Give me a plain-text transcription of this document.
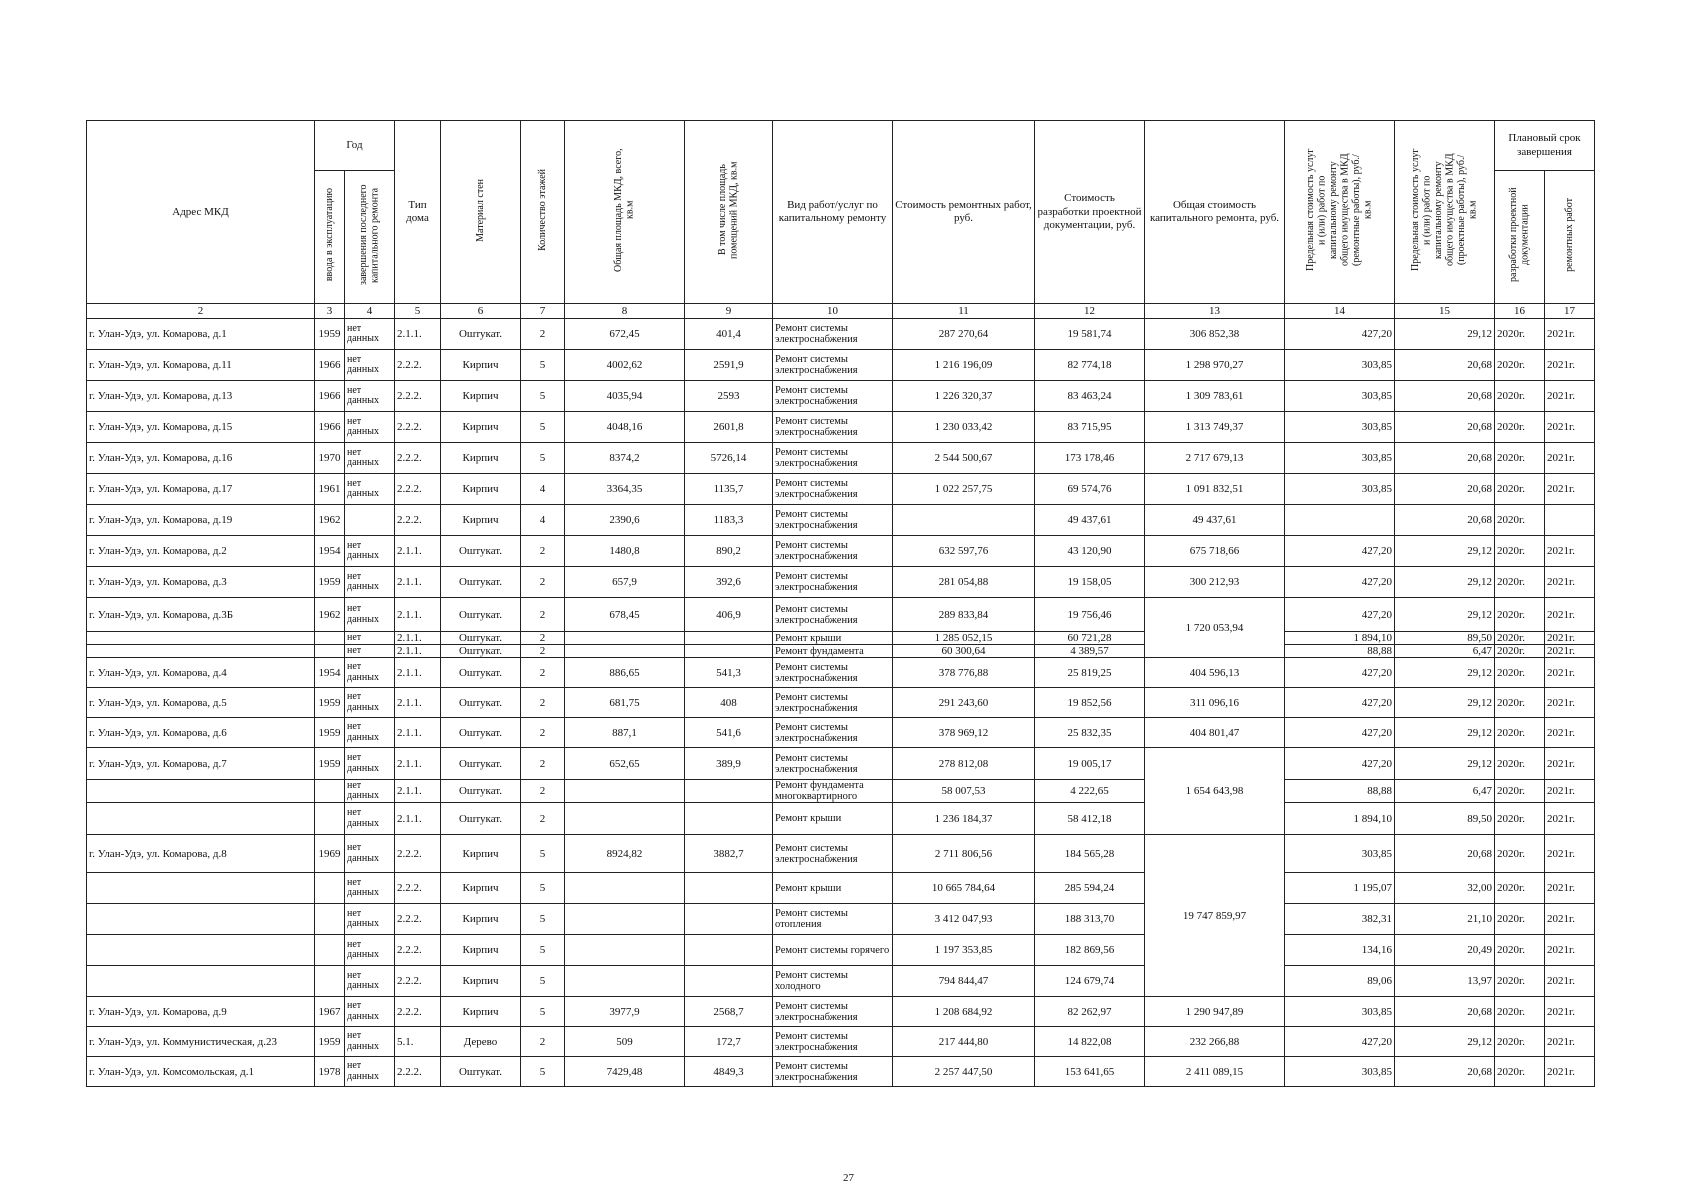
Адрес МКД	Год		Тип дома	Материал стен	Количество этажей	Общая площадь МКД, всего, кв.м	В том числе площадь помещений МКД, кв.м	Вид работ/услуг по капитальному ремонту	Стоимость ремонтных работ, руб.	Стоимость разработки проектной документации, руб.	Общая стоимость капитального ремонта, руб.	Предельная стоимость услуг и (или) работ по капитальному ремонту общего имущества в МКД (ремонтные работы), руб./кв.м	Предельная стоимость услуг и (или) работ по капитальному ремонту общего имущества в МКД (проектные работы), руб./кв.м	Плановый срок завершения	
	ввода в эксплуатацию	завершения последнего капитального ремонта												разработки проектной документации	ремонтных работ
2	3	4	5	6	7	8	9	10	11	12	13	14	15	16	17
г. Улан-Удэ, ул. Комарова, д.1	1959	нет данных	2.1.1.	Оштукат.	2	672,45	401,4	Ремонт системы электроснабжения	287 270,64	19 581,74	306 852,38	427,20	29,12	2020г.	2021г.
г. Улан-Удэ, ул. Комарова, д.11	1966	нет данных	2.2.2.	Кирпич	5	4002,62	2591,9	Ремонт системы электроснабжения	1 216 196,09	82 774,18	1 298 970,27	303,85	20,68	2020г.	2021г.
г. Улан-Удэ, ул. Комарова, д.13	1966	нет данных	2.2.2.	Кирпич	5	4035,94	2593	Ремонт системы электроснабжения	1 226 320,37	83 463,24	1 309 783,61	303,85	20,68	2020г.	2021г.
г. Улан-Удэ, ул. Комарова, д.15	1966	нет данных	2.2.2.	Кирпич	5	4048,16	2601,8	Ремонт системы электроснабжения	1 230 033,42	83 715,95	1 313 749,37	303,85	20,68	2020г.	2021г.
г. Улан-Удэ, ул. Комарова, д.16	1970	нет данных	2.2.2.	Кирпич	5	8374,2	5726,14	Ремонт системы электроснабжения	2 544 500,67	173 178,46	2 717 679,13	303,85	20,68	2020г.	2021г.
г. Улан-Удэ, ул. Комарова, д.17	1961	нет данных	2.2.2.	Кирпич	4	3364,35	1135,7	Ремонт системы электроснабжения	1 022 257,75	69 574,76	1 091 832,51	303,85	20,68	2020г.	2021г.
г. Улан-Удэ, ул. Комарова, д.19	1962		2.2.2.	Кирпич	4	2390,6	1183,3	Ремонт системы электроснабжения		49 437,61	49 437,61		20,68	2020г.	
г. Улан-Удэ, ул. Комарова, д.2	1954	нет данных	2.1.1.	Оштукат.	2	1480,8	890,2	Ремонт системы электроснабжения	632 597,76	43 120,90	675 718,66	427,20	29,12	2020г.	2021г.
г. Улан-Удэ, ул. Комарова, д.3	1959	нет данных	2.1.1.	Оштукат.	2	657,9	392,6	Ремонт системы электроснабжения	281 054,88	19 158,05	300 212,93	427,20	29,12	2020г.	2021г.
г. Улан-Удэ, ул. Комарова, д.3Б	1962	нет данных	2.1.1.	Оштукат.	2	678,45	406,9	Ремонт системы электроснабжения	289 833,84	19 756,46	1 720 053,94	427,20	29,12	2020г.	2021г.
		нет	2.1.1.	Оштукат.	2			Ремонт крыши	1 285 052,15	60 721,28		1 894,10	89,50	2020г.	2021г.
		нет	2.1.1.	Оштукат.	2			Ремонт фундамента	60 300,64	4 389,57		88,88	6,47	2020г.	2021г.
г. Улан-Удэ, ул. Комарова, д.4	1954	нет данных	2.1.1.	Оштукат.	2	886,65	541,3	Ремонт системы электроснабжения	378 776,88	25 819,25	404 596,13	427,20	29,12	2020г.	2021г.
г. Улан-Удэ, ул. Комарова, д.5	1959	нет данных	2.1.1.	Оштукат.	2	681,75	408	Ремонт системы электроснабжения	291 243,60	19 852,56	311 096,16	427,20	29,12	2020г.	2021г.
г. Улан-Удэ, ул. Комарова, д.6	1959	нет данных	2.1.1.	Оштукат.	2	887,1	541,6	Ремонт системы электроснабжения	378 969,12	25 832,35	404 801,47	427,20	29,12	2020г.	2021г.
г. Улан-Удэ, ул. Комарова, д.7	1959	нет данных	2.1.1.	Оштукат.	2	652,65	389,9	Ремонт системы электроснабжения	278 812,08	19 005,17	1 654 643,98	427,20	29,12	2020г.	2021г.
		нет данных	2.1.1.	Оштукат.	2			Ремонт фундамента многоквартирного	58 007,53	4 222,65		88,88	6,47	2020г.	2021г.
		нет данных	2.1.1.	Оштукат.	2			Ремонт крыши	1 236 184,37	58 412,18		1 894,10	89,50	2020г.	2021г.
г. Улан-Удэ, ул. Комарова, д.8	1969	нет данных	2.2.2.	Кирпич	5	8924,82	3882,7	Ремонт системы электроснабжения	2 711 806,56	184 565,28	19 747 859,97	303,85	20,68	2020г.	2021г.
		нет данных	2.2.2.	Кирпич	5			Ремонт крыши	10 665 784,64	285 594,24		1 195,07	32,00	2020г.	2021г.
		нет данных	2.2.2.	Кирпич	5			Ремонт системы отопления	3 412 047,93	188 313,70		382,31	21,10	2020г.	2021г.
		нет данных	2.2.2.	Кирпич	5			Ремонт системы горячего	1 197 353,85	182 869,56		134,16	20,49	2020г.	2021г.
		нет данных	2.2.2.	Кирпич	5			Ремонт системы холодного	794 844,47	124 679,74		89,06	13,97	2020г.	2021г.
г. Улан-Удэ, ул. Комарова, д.9	1967	нет данных	2.2.2.	Кирпич	5	3977,9	2568,7	Ремонт системы электроснабжения	1 208 684,92	82 262,97	1 290 947,89	303,85	20,68	2020г.	2021г.
г. Улан-Удэ, ул. Коммунистическая, д.23	1959	нет данных	5.1.	Дерево	2	509	172,7	Ремонт системы электроснабжения	217 444,80	14 822,08	232 266,88	427,20	29,12	2020г.	2021г.
г. Улан-Удэ, ул. Комсомольская, д.1	1978	нет данных	2.2.2.	Оштукат.	5	7429,48	4849,3	Ремонт системы электроснабжения	2 257 447,50	153 641,65	2 411 089,15	303,85	20,68	2020г.	2021г.
27
